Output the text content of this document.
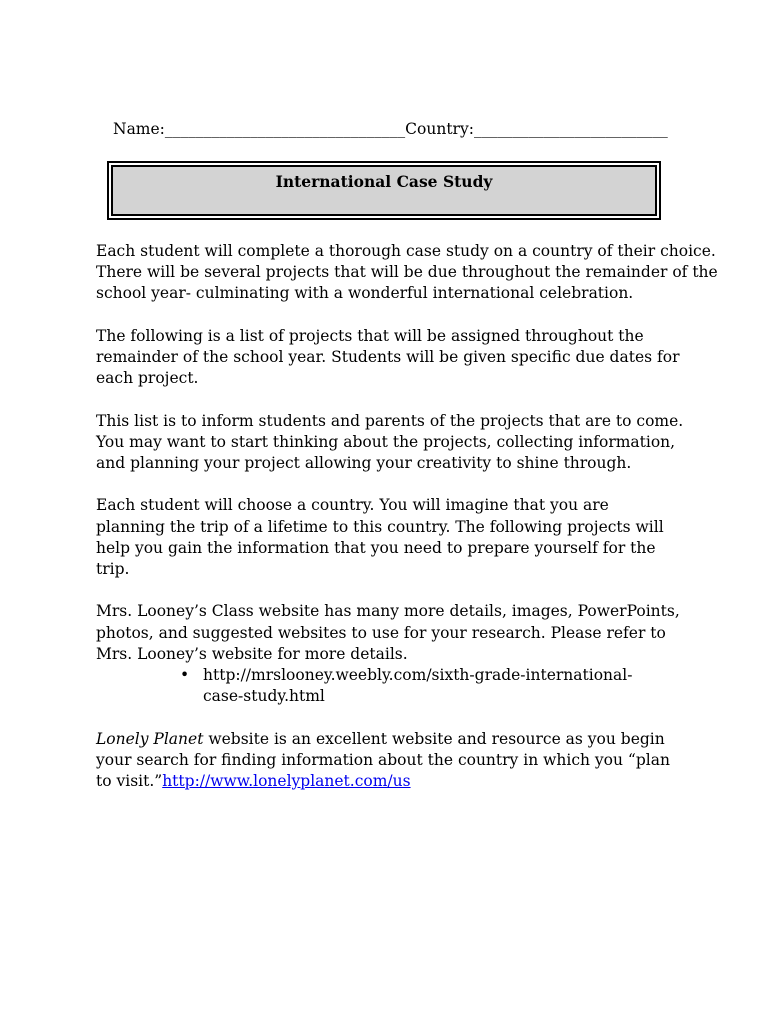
Name:_______________________________Country:_________________________
International Case Study

Each student will complete a thorough case study on a country of their choice.
There will be several projects that will be due throughout the remainder of the
school year- culminating with a wonderful international celebration.

The following is a list of projects that will be assigned throughout the
remainder of the school year. Students will be given specific due dates for
each project.

This list is to inform students and parents of the projects that are to come.
You may want to start thinking about the projects, collecting information,
and planning your project allowing your creativity to shine through.

Each student will choose a country. You will imagine that you are
planning the trip of a lifetime to this country. The following projects will
help you gain the information that you need to prepare yourself for the
trip.

Mrs. Looney’s Class website has many more details, images, PowerPoints,
photos, and suggested websites to use for your research. Please refer to
Mrs. Looney’s website for more details.

• http://mrslooney.weebly.com/sixth-grade-international-
case-study.html

Lonely Planet website is an excellent website and resource as you begin
your search for finding information about the country in which you “plan
to visit.”http://www.lonelyplanet.com/us
